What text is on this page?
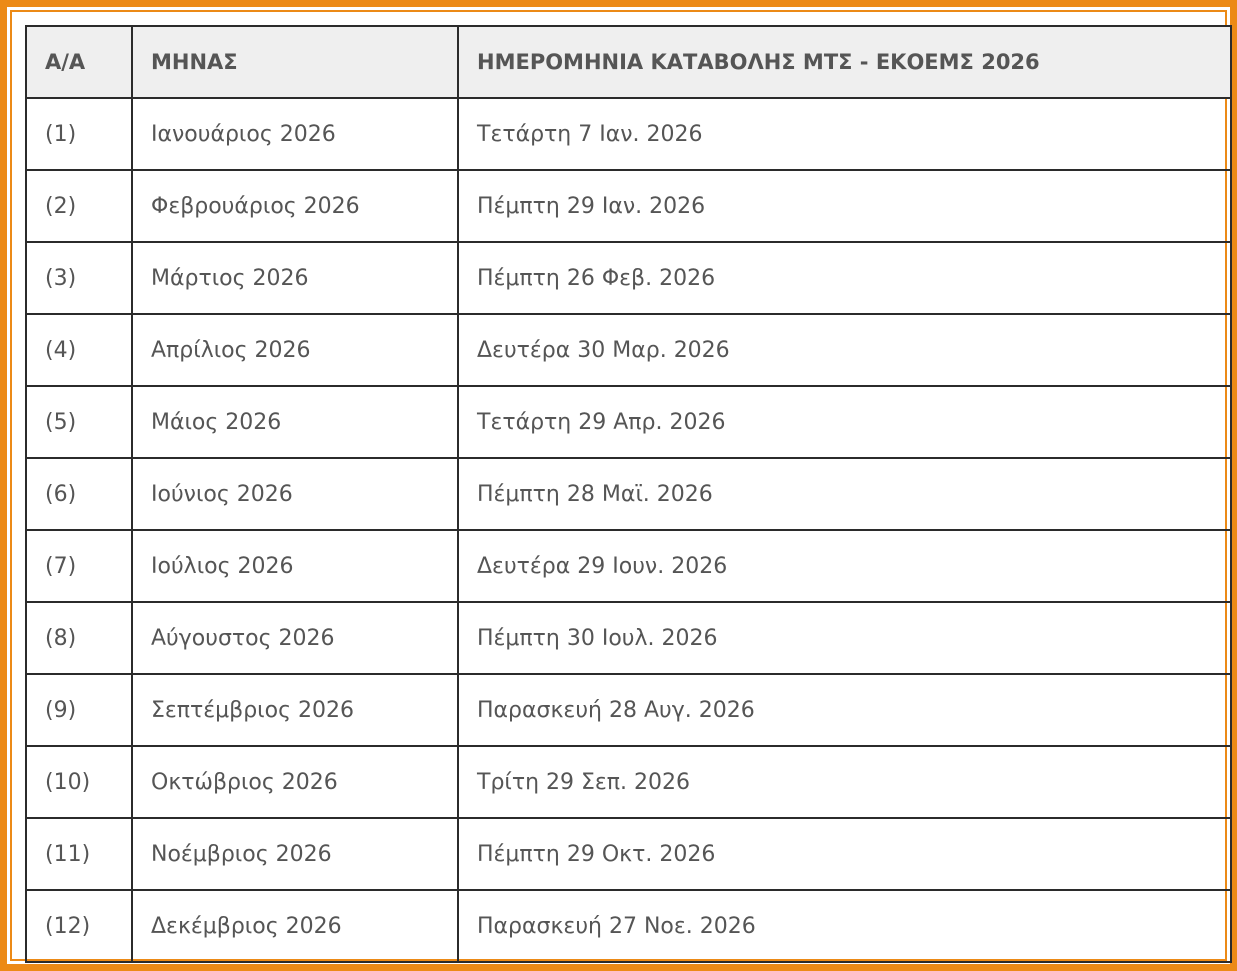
Α/Α	ΜΗΝΑΣ	ΗΜΕΡΟΜΗΝΙΑ ΚΑΤΑΒΟΛΗΣ ΜΤΣ - ΕΚΟΕΜΣ 2026
(1)	Ιανουάριος 2026	Τετάρτη 7 Ιαν. 2026
(2)	Φεβρουάριος 2026	Πέμπτη 29 Ιαν. 2026
(3)	Μάρτιος 2026	Πέμπτη 26 Φεβ. 2026
(4)	Απρίλιος 2026	Δευτέρα 30 Μαρ. 2026
(5)	Μάιος 2026	Τετάρτη 29 Απρ. 2026
(6)	Ιούνιος 2026	Πέμπτη 28 Μαϊ. 2026
(7)	Ιούλιος 2026	Δευτέρα 29 Ιουν. 2026
(8)	Αύγουστος 2026	Πέμπτη 30 Ιουλ. 2026
(9)	Σεπτέμβριος 2026	Παρασκευή 28 Αυγ. 2026
(10)	Οκτώβριος 2026	Τρίτη 29 Σεπ. 2026
(11)	Νοέμβριος 2026	Πέμπτη 29 Οκτ. 2026
(12)	Δεκέμβριος 2026	Παρασκευή 27 Νοε. 2026
